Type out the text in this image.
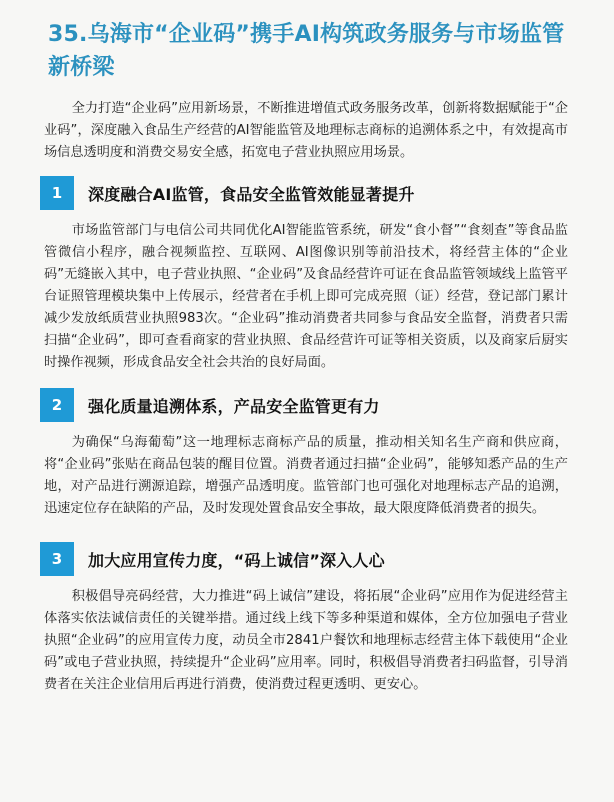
35.乌海市“企业码”携手AI构筑政务服务与市场监管新桥梁

全力打造“企业码”应用新场景，不断推进增值式政务服务改革，创新将数据赋能于“企业码”，深度融入食品生产经营的AI智能监管及地理标志商标的追溯体系之中，有效提高市场信息透明度和消费交易安全感，拓宽电子营业执照应用场景。

1	深度融合AI监管，食品安全监管效能显著提升

市场监管部门与电信公司共同优化AI智能监管系统，研发“食小督”“食刻查”等食品监管微信小程序，融合视频监控、互联网、AI图像识别等前沿技术，将经营主体的“企业码”无缝嵌入其中，电子营业执照、“企业码”及食品经营许可证在食品监管领域线上监管平台证照管理模块集中上传展示，经营者在手机上即可完成亮照（证）经营，登记部门累计减少发放纸质营业执照983次。“企业码”推动消费者共同参与食品安全监督，消费者只需扫描“企业码”，即可查看商家的营业执照、食品经营许可证等相关资质，以及商家后厨实时操作视频，形成食品安全社会共治的良好局面。

2	强化质量追溯体系，产品安全监管更有力

为确保“乌海葡萄”这一地理标志商标产品的质量，推动相关知名生产商和供应商，将“企业码”张贴在商品包装的醒目位置。消费者通过扫描“企业码”，能够知悉产品的生产地，对产品进行溯源追踪，增强产品透明度。监管部门也可强化对地理标志产品的追溯，迅速定位存在缺陷的产品，及时发现处置食品安全事故，最大限度降低消费者的损失。

3	加大应用宣传力度，“码上诚信”深入人心

积极倡导亮码经营，大力推进“码上诚信”建设，将拓展“企业码”应用作为促进经营主体落实依法诚信责任的关键举措。通过线上线下等多种渠道和媒体，全方位加强电子营业执照“企业码”的应用宣传力度，动员全市2841户餐饮和地理标志经营主体下载使用“企业码”或电子营业执照，持续提升“企业码”应用率。同时，积极倡导消费者扫码监督，引导消费者在关注企业信用后再进行消费，使消费过程更透明、更安心。
